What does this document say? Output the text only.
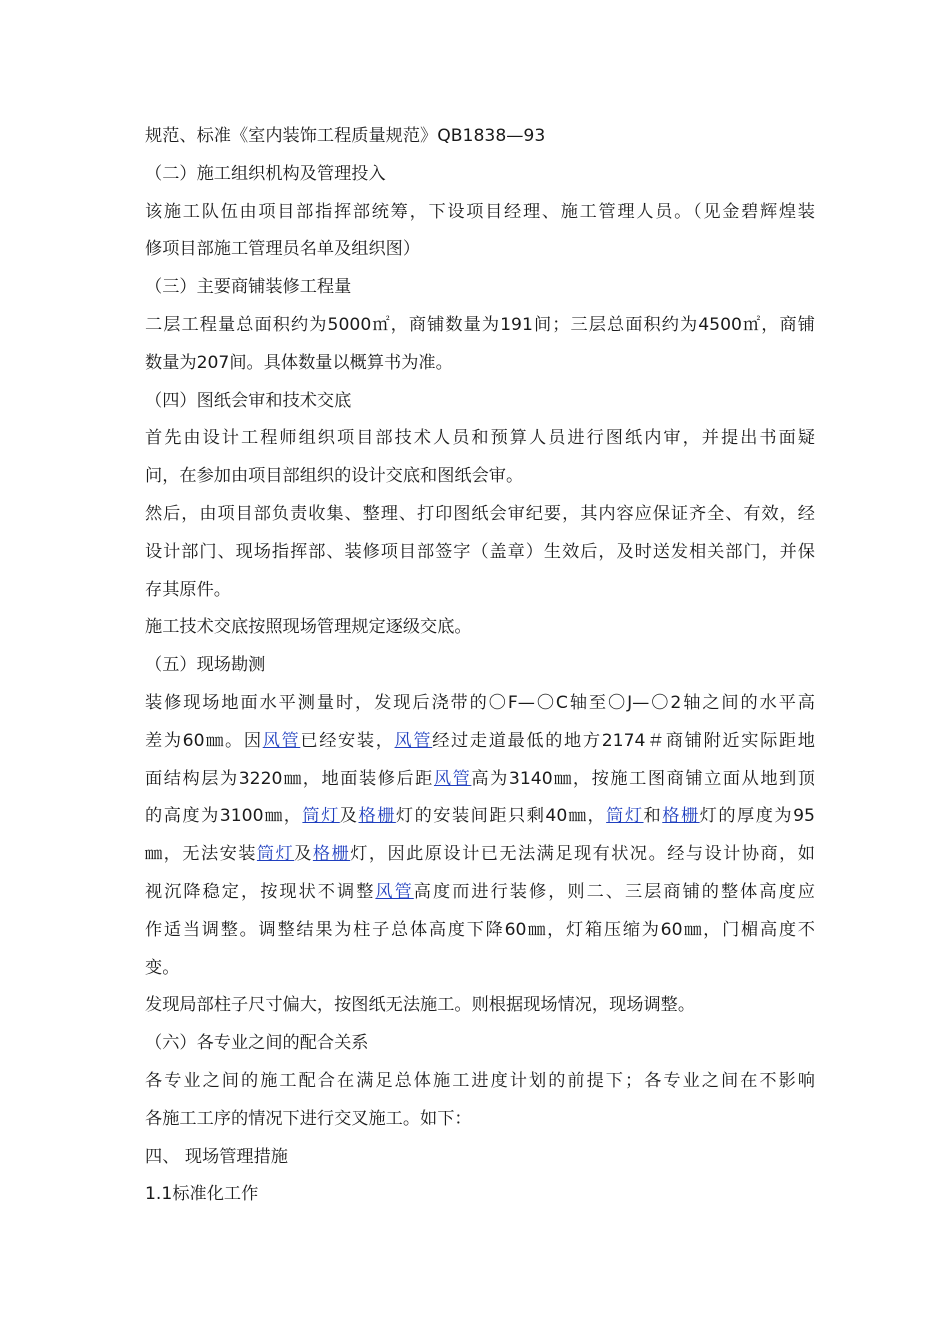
规范、标准《室内装饰工程质量规范》QB1838—93
（二）施工组织机构及管理投入
该施工队伍由项目部指挥部统筹，下设项目经理、施工管理人员。（见金碧辉煌装
修项目部施工管理员名单及组织图）
（三）主要商铺装修工程量
二层工程量总面积约为5000㎡，商铺数量为191间；三层总面积约为4500㎡，商铺
数量为207间。具体数量以概算书为准。
（四）图纸会审和技术交底
首先由设计工程师组织项目部技术人员和预算人员进行图纸内审，并提出书面疑
问，在参加由项目部组织的设计交底和图纸会审。
然后，由项目部负责收集、整理、打印图纸会审纪要，其内容应保证齐全、有效，经
设计部门、现场指挥部、装修项目部签字（盖章）生效后，及时送发相关部门，并保
存其原件。
施工技术交底按照现场管理规定逐级交底。
（五）现场勘测
装修现场地面水平测量时，发现后浇带的〇F—〇C轴至〇J—〇2轴之间的水平高
差为60㎜。因风管已经安装，风管经过走道最低的地方2174＃商铺附近实际距地
面结构层为3220㎜，地面装修后距风管高为3140㎜，按施工图商铺立面从地到顶
的高度为3100㎜，筒灯及格栅灯的安装间距只剩40㎜，筒灯和格栅灯的厚度为95
㎜，无法安装筒灯及格栅灯，因此原设计已无法满足现有状况。经与设计协商，如
视沉降稳定，按现状不调整风管高度而进行装修，则二、三层商铺的整体高度应
作适当调整。调整结果为柱子总体高度下降60㎜，灯箱压缩为60㎜，门楣高度不
变。
发现局部柱子尺寸偏大，按图纸无法施工。则根据现场情况，现场调整。
（六）各专业之间的配合关系
各专业之间的施工配合在满足总体施工进度计划的前提下；各专业之间在不影响
各施工工序的情况下进行交叉施工。如下：
四、 现场管理措施
1.1标准化工作
